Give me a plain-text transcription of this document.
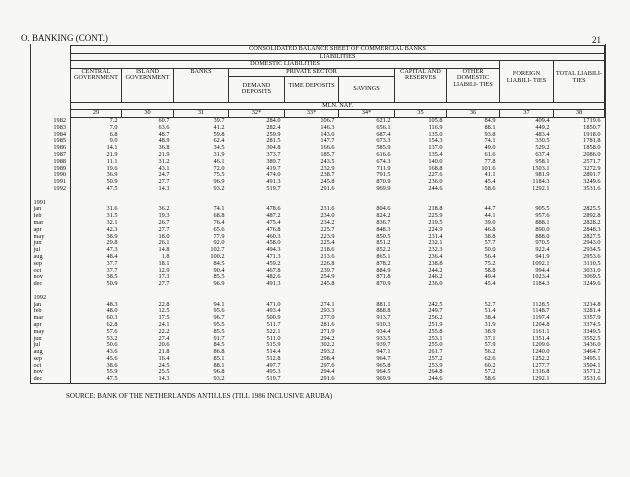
O. BANKING (CONT.)	21
	CONSOLIDATED BALANCE SHEET OF COMMERCIAL BANKS									
	LIABILITIES									
	DOMESTIC LIABILITIES								FOREIGN LIABILI- TIES	TOTAL LIABILI- TIES
	CENTRAL GOVERNMENT	ISLAND GOVERNMENT	BANKS	PRIVATE SECTOR			CAPITAL AND RESERVES	OTHER DOMESTIC LIABILI- TIES		
				DEMAND DEPOSITS	TIME DEPOSITS	SAVINGS				
	MLN. NAF.									
	29	30	31	32*	33*	34*	35	36	37	38
1982	7.2	60.7	39.7	284.0	106.7	621.2	105.8	84.9	409.4	1719.6
1983	7.0	63.6	41.2	282.4	146.3	656.1	116.9	88.1	449.2	1850.7
1984	6.8	48.7	59.8	259.9	143.0	687.4	135.0	93.8	483.4	1918.0
1985	9.0	48.9	62.4	281.5	147.7	673.3	154.3	74.1	330.5	1781.8
1986	14.1	36.8	34.5	304.8	166.6	585.9	137.0	49.0	529.2	1858.0
1987	21.9	21.9	31.9	373.7	185.7	616.6	135.4	61.6	637.4	2086.0
1988	11.1	31.2	46.1	389.7	243.5	674.3	140.0	77.8	958.1	2571.7
1989	19.6	43.1	72.0	419.7	232.9	711.9	168.8	101.6	1503.1	3272.9
1990	36.9	24.7	75.5	474.0	238.7	791.5	227.6	41.1	981.9	2891.7
1991	50.9	27.7	96.9	491.3	245.8	870.9	236.0	45.4	1184.3	3249.6
1992	47.5	14.3	93.2	519.7	291.6	969.9	244.6	58.6	1292.1	3531.6

1991										
jan	31.6	36.2	74.1	478.6	231.6	804.6	218.8	44.7	905.5	2825.5
feb	31.5	19.3	68.8	487.2	234.0	824.2	225.9	44.1	957.6	2892.8
mar	32.1	26.7	76.4	475.4	234.2	836.7	219.5	39.0	888.1	2828.2
apr	42.3	27.7	65.6	476.8	225.7	848.3	224.9	46.8	890.0	2848.3
may	38.9	18.0	77.9	460.3	223.9	850.5	231.4	38.8	888.0	2827.5
jun	29.8	26.1	92.0	458.0	225.4	851.2	232.1	57.7	970.5	2943.0
jul	47.3	14.8	102.7	494.3	218.6	852.2	232.3	50.0	922.4	2934.5
aug	48.4	1.8	100.2	471.3	213.6	865.1	236.4	56.4	941.9	2953.6
sep	37.7	18.1	84.5	459.2	226.8	878.2	238.8	75.2	1092.1	3110.5
oct	37.7	12.9	90.4	467.8	239.7	884.9	244.2	58.8	994.4	3031.0
nov	38.5	17.3	85.5	482.6	254.9	871.8	246.2	49.4	1023.4	3069.5
dec	50.9	27.7	96.9	491.3	245.8	870.9	236.0	45.4	1184.3	3249.6

1992										
jan	48.3	22.8	94.1	471.0	274.1	881.1	242.5	52.7	1128.5	3214.8
feb	48.0	12.5	95.6	493.4	293.3	888.8	249.7	51.4	1148.7	3281.4
mar	60.3	17.5	96.7	500.9	277.0	913.7	256.2	38.4	1197.4	3357.9
apr	62.8	24.1	95.5	511.7	281.6	910.3	251.9	31.9	1204.8	3374.5
may	57.6	22.2	85.5	522.1	271.9	934.4	255.8	38.9	1161.1	3349.5
jun	53.2	27.4	91.7	511.0	294.2	933.5	253.1	37.1	1351.4	3552.5
jul	50.6	20.6	84.5	515.9	302.2	939.7	255.0	57.9	1209.6	3436.0
aug	43.6	21.8	86.8	514.4	293.2	947.1	261.7	56.2	1240.0	3464.7
sep	45.6	16.4	85.1	512.8	298.4	964.7	257.2	62.6	1252.2	3495.1
oct	38.6	24.5	88.1	497.7	297.6	965.8	253.9	60.2	1277.7	3504.1
nov	55.9	25.5	96.8	495.3	294.4	964.5	264.8	57.2	1316.8	3571.2
dec	47.5	14.3	93.2	519.7	291.6	969.9	244.6	58.6	1292.1	3531.6
SOURCE: BANK OF THE NETHERLANDS ANTILLES (TILL 1986 INCLUSIVE ARUBA)
